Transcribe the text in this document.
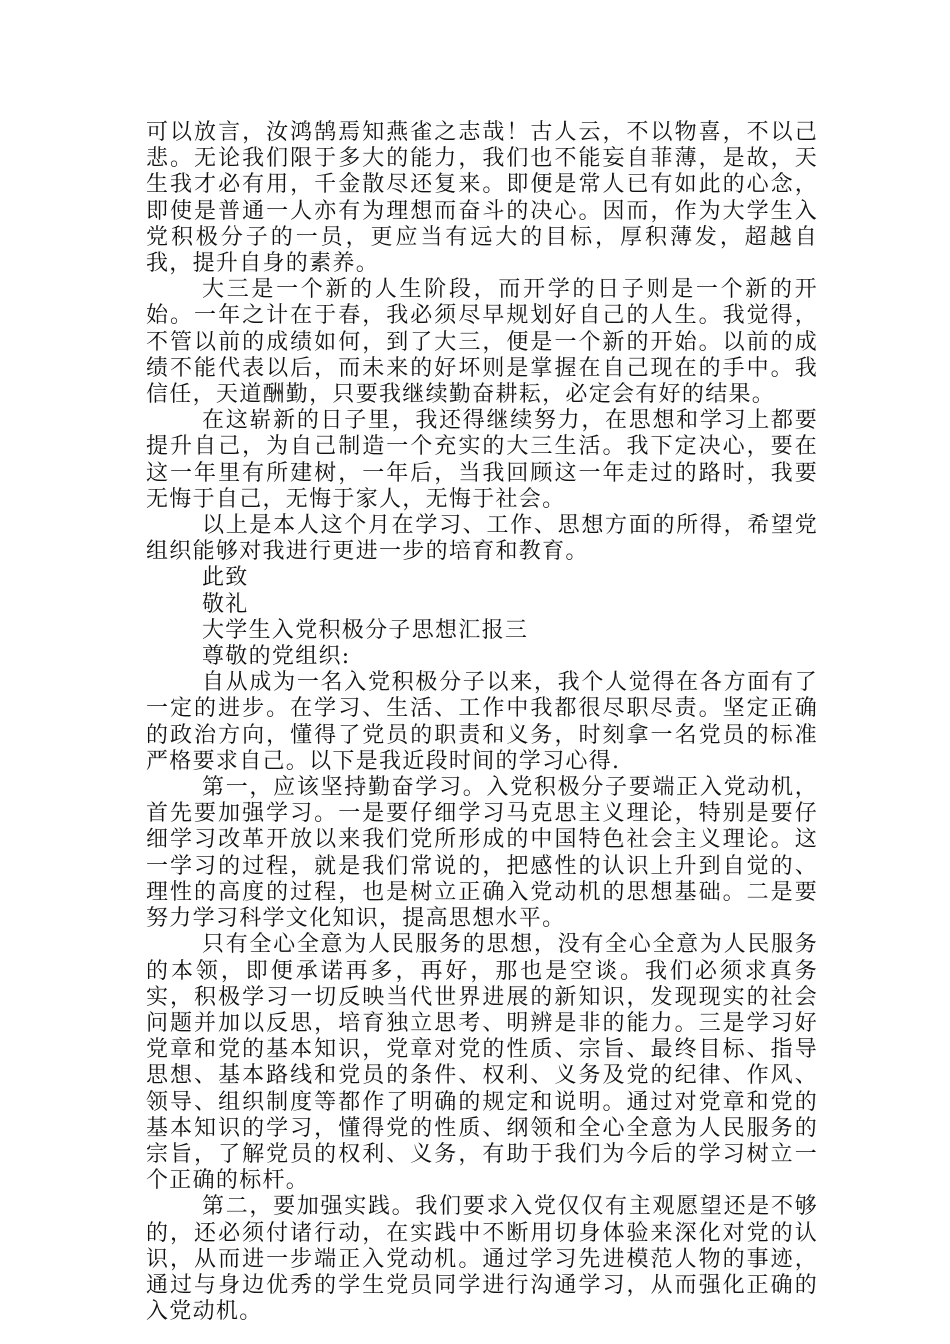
可以放言，汝鸿鹄焉知燕雀之志哉！古人云，不以物喜，不以己悲。无论我们限于多大的能力，我们也不能妄自菲薄，是故，天生我才必有用，千金散尽还复来。即便是常人已有如此的心念，即使是普通一人亦有为理想而奋斗的决心。因而，作为大学生入党积极分子的一员，更应当有远大的目标，厚积薄发，超越自我，提升自身的素养。

大三是一个新的人生阶段，而开学的日子则是一个新的开始。一年之计在于春，我必须尽早规划好自己的人生。我觉得，不管以前的成绩如何，到了大三，便是一个新的开始。以前的成绩不能代表以后，而未来的好坏则是掌握在自己现在的手中。我信任，天道酬勤，只要我继续勤奋耕耘，必定会有好的结果。

在这崭新的日子里，我还得继续努力，在思想和学习上都要提升自己，为自己制造一个充实的大三生活。我下定决心，要在这一年里有所建树，一年后，当我回顾这一年走过的路时，我要无悔于自己，无悔于家人，无悔于社会。

以上是本人这个月在学习、工作、思想方面的所得，希望党组织能够对我进行更进一步的培育和教育。

此致

敬礼

大学生入党积极分子思想汇报三

尊敬的党组织:

自从成为一名入党积极分子以来，我个人觉得在各方面有了一定的进步。在学习、生活、工作中我都很尽职尽责。坚定正确的政治方向，懂得了党员的职责和义务，时刻拿一名党员的标准严格要求自己。以下是我近段时间的学习心得.

第一，应该坚持勤奋学习。入党积极分子要端正入党动机，首先要加强学习。一是要仔细学习马克思主义理论，特别是要仔细学习改革开放以来我们党所形成的中国特色社会主义理论。这一学习的过程，就是我们常说的，把感性的认识上升到自觉的、理性的高度的过程，也是树立正确入党动机的思想基础。二是要努力学习科学文化知识，提高思想水平。

只有全心全意为人民服务的思想，没有全心全意为人民服务的本领，即便承诺再多，再好，那也是空谈。我们必须求真务实，积极学习一切反映当代世界进展的新知识，发现现实的社会问题并加以反思，培育独立思考、明辨是非的能力。三是学习好党章和党的基本知识，党章对党的性质、宗旨、最终目标、指导思想、基本路线和党员的条件、权利、义务及党的纪律、作风、领导、组织制度等都作了明确的规定和说明。通过对党章和党的基本知识的学习，懂得党的性质、纲领和全心全意为人民服务的宗旨，了解党员的权利、义务，有助于我们为今后的学习树立一个正确的标杆。

第二，要加强实践。我们要求入党仅仅有主观愿望还是不够的，还必须付诸行动，在实践中不断用切身体验来深化对党的认识，从而进一步端正入党动机。通过学习先进模范人物的事迹，通过与身边优秀的学生党员同学进行沟通学习，从而强化正确的入党动机。
